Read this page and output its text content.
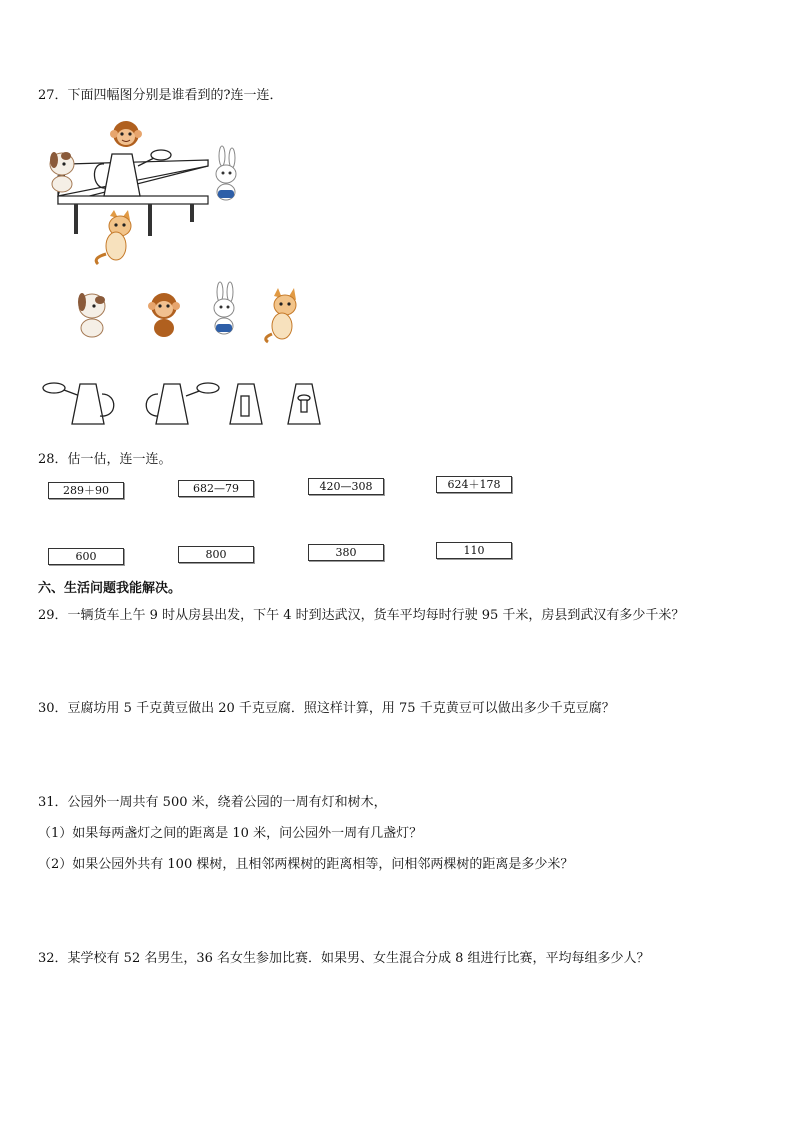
27．下面四幅图分别是谁看到的?连一连．
28．估一估，连一连。
289＋90	682—79	420—308	624＋178
600	800	380	110
六、生活问题我能解决。
29．一辆货车上午 9 时从房县出发，下午 4 时到达武汉，货车平均每时行驶 95 千米，房县到武汉有多少千米？
30．豆腐坊用 5 千克黄豆做出 20 千克豆腐．照这样计算，用 75 千克黄豆可以做出多少千克豆腐？
31．公园外一周共有 500 米，绕着公园的一周有灯和树木，
（1）如果每两盏灯之间的距离是 10 米，问公园外一周有几盏灯？
（2）如果公园外共有 100 棵树，且相邻两棵树的距离相等，问相邻两棵树的距离是多少米？
32．某学校有 52 名男生，36 名女生参加比赛．如果男、女生混合分成 8 组进行比赛，平均每组多少人？
